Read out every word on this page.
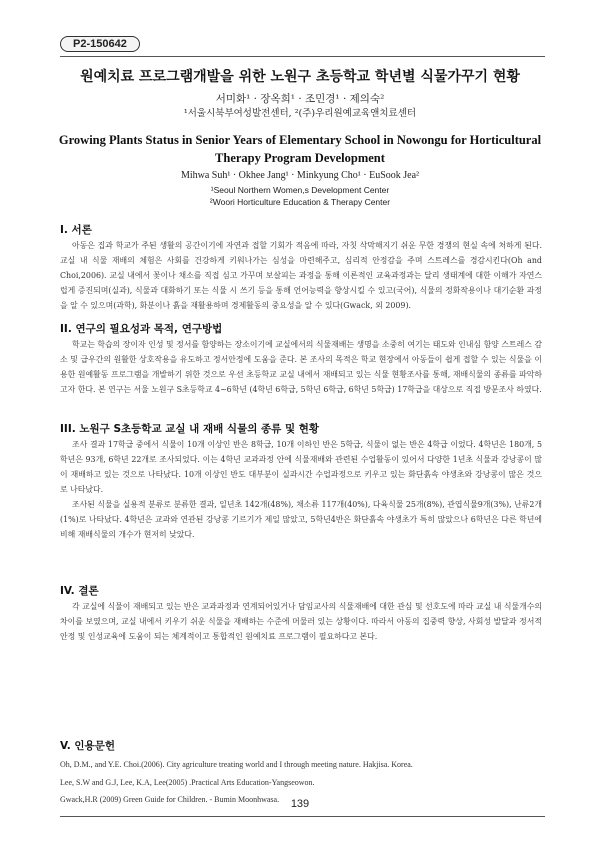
P2-150642
원예치료 프로그램개발을 위한 노원구 초등학교 학년별 식물가꾸기 현황
서미화¹ · 장옥희¹ · 조민경¹ · 제의숙²
¹서울시북부여성발전센터, ²(주)우리원예교육앤치료센터
Growing Plants Status in Senior Years of Elementary School in Nowongu for Horticultural Therapy Program Development
Mihwa Suh¹ · Okhee Jang¹ · Minkyung Cho¹ · EuSook Jea²
¹Seoul Northern Women,s Development Center
²Woori Horticulture Education & Therapy Center
I. 서론

아동은 집과 학교가 주된 생활의 공간이기에 자연과 접할 기회가 적음에 따라, 자칫 삭막해지기 쉬운 무한 경쟁의 현실 속에 처하게 된다. 교실 내 식물 재배의 체험은 사회를 건강하게 키워나가는 심성을 마련해주고, 심리적 안정감을 주며 스트레스를 경감시킨다(Oh and Choi,2006). 교실 내에서 꽃이나 채소를 직접 심고 가꾸며 보살피는 과정을 통해 이론적인 교육과정과는 달리 생태계에 대한 이해가 자연스럽게 증진되며(실과), 식물과 대화하기 또는 식물 시 쓰기 등을 통해 언어능력을 향상시킬 수 있고(국어), 식물의 정화작용이나 대기순환 과정을 알 수 있으며(과학), 화분이나 흙을 재활용하며 경제활동의 중요성을 알 수 있다(Gwack, 외 2009).

II. 연구의 필요성과 목적, 연구방법

학교는 학습의 장이자 인성 및 정서를 함양하는 장소이기에 교실에서의 식물재배는 생명을 소중히 여기는 태도와 인내심 함양 스트레스 감소 및 급우간의 원활한 상호작용을 유도하고 정서안정에 도움을 준다. 본 조사의 목적은 학교 현장에서 아동들이 쉽게 접할 수 있는 식물을 이용한 원예활동 프로그램을 개발하기 위한 것으로 우선 초등학교 교실 내에서 재배되고 있는 식물 현황조사를 통해, 재배식물의 종류를 파악하고자 한다. 본 연구는 서울 노원구 S초등학교 4~6학년 (4학년 6학급, 5학년 6학급, 6학년 5학급) 17학급을 대상으로 직접 방문조사 하였다.

III. 노원구 S초등학교 교실 내 재배 식물의 종류 및 현황

조사 결과 17학급 중에서 식물이 10개 이상인 반은 8학급, 10개 이하인 반은 5학급, 식물이 없는 반은 4학급 이었다. 4학년은 180개, 5학년은 93개, 6학년 22개로 조사되었다. 이는 4학년 교과과정 안에 식물재배와 관련된 수업활동이 있어서 다양한 1년초 식물과 강낭콩이 많이 재배하고 있는 것으로 나타났다. 10개 이상인 반도 대부분이 실과시간 수업과정으로 키우고 있는 화단흙속 야생초와 강낭콩이 많은 것으로 나타났다.

조사된 식물을 실용적 분류로 분류한 결과, 일년초 142개(48%), 채소류 117개(40%), 다육식물 25개(8%), 관엽식물9개(3%), 난류2개(1%)로 나타났다. 4학년은 교과와 연관된 강낭콩 기르기가 제일 많았고, 5학년4반은 화단흙속 야생초가 특히 많았으나 6학년은 다른 학년에 비해 재배식물의 개수가 현저히 낮았다.

IV. 결론

각 교실에 식물이 재배되고 있는 반은 교과과정과 연계되어있거나 담임교사의 식물재배에 대한 관심 및 선호도에 따라 교실 내 식물개수의 차이를 보였으며, 교실 내에서 키우기 쉬운 식물을 재배하는 수준에 머물러 있는 상황이다. 따라서 아동의 집중력 향상, 사회성 발달과 정서적 안정 및 인성교육에 도움이 되는 체계적이고 통합적인 원예치료 프로그램이 필요하다고 본다.

V. 인용문헌
Oh, D.M., and Y.E. Choi.(2006). City agriculture treating world and I through meeting nature. Hakjisa. Korea.
Lee, S.W and G.J, Lee, K.A, Lee(2005) .Practical Arts Education-Yangseowon.
Gwack,H.R (2009) Green Guide for Children. - Bumin Moonhwasa.	139
